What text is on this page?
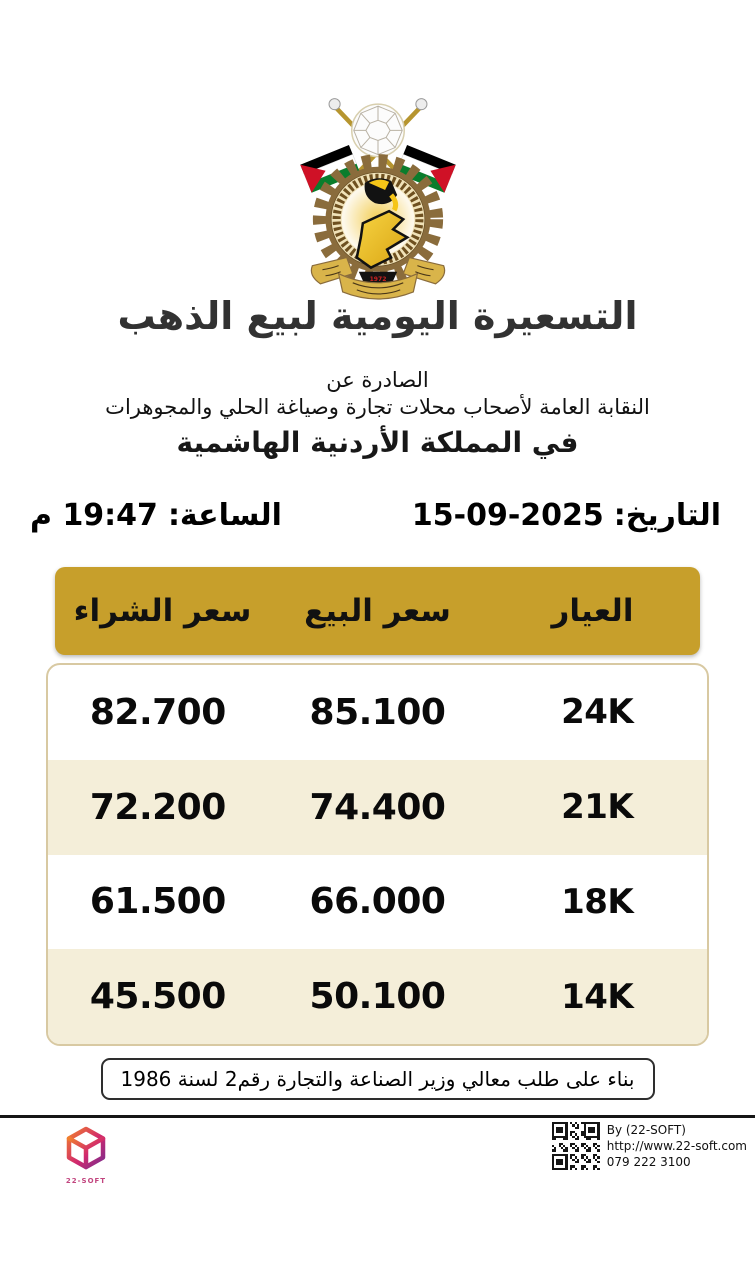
1972
التسعيرة اليومية لبيع الذهب
الصادرة عن
النقابة العامة لأصحاب محلات تجارة وصياغة الحلي والمجوهرات
في المملكة الأردنية الهاشمية
التاريخ:
15-09-2025
الساعة:
19:47 م
العيار
سعر البيع
سعر الشراء
24K
85.100
82.700
21K
74.400
72.200
18K
66.000
61.500
14K
50.100
45.500
بناء على طلب معالي وزير الصناعة والتجارة رقم2 لسنة 1986
22-SOFT
By (22-SOFT)
http://www.22-soft.com
079 222 3100
